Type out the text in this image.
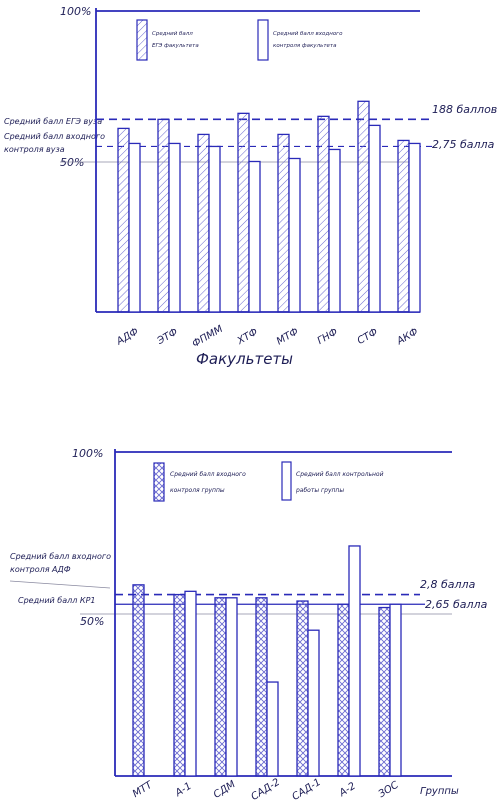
100%
50%
Средний балл
ЕГЭ факультета
Средний балл входного
контроля факультета
Средний балл ЕГЭ вуза
Средний балл входного
контроля вуза
188 баллов
2,75 балла
АДФ ЭТФ ФПММ ХТФ МТФ ГНФ СТФ АКФ
Факультеты
100%
50%
Средний балл входного
контроля группы
Средний балл контрольной
работы группы
Средний балл входного
контроля АДФ
Средний балл КР1
2,8 балла
2,65 балла
МТТ А-1 СДМ САД-2 САД-1 А-2 ЗОС Группы
